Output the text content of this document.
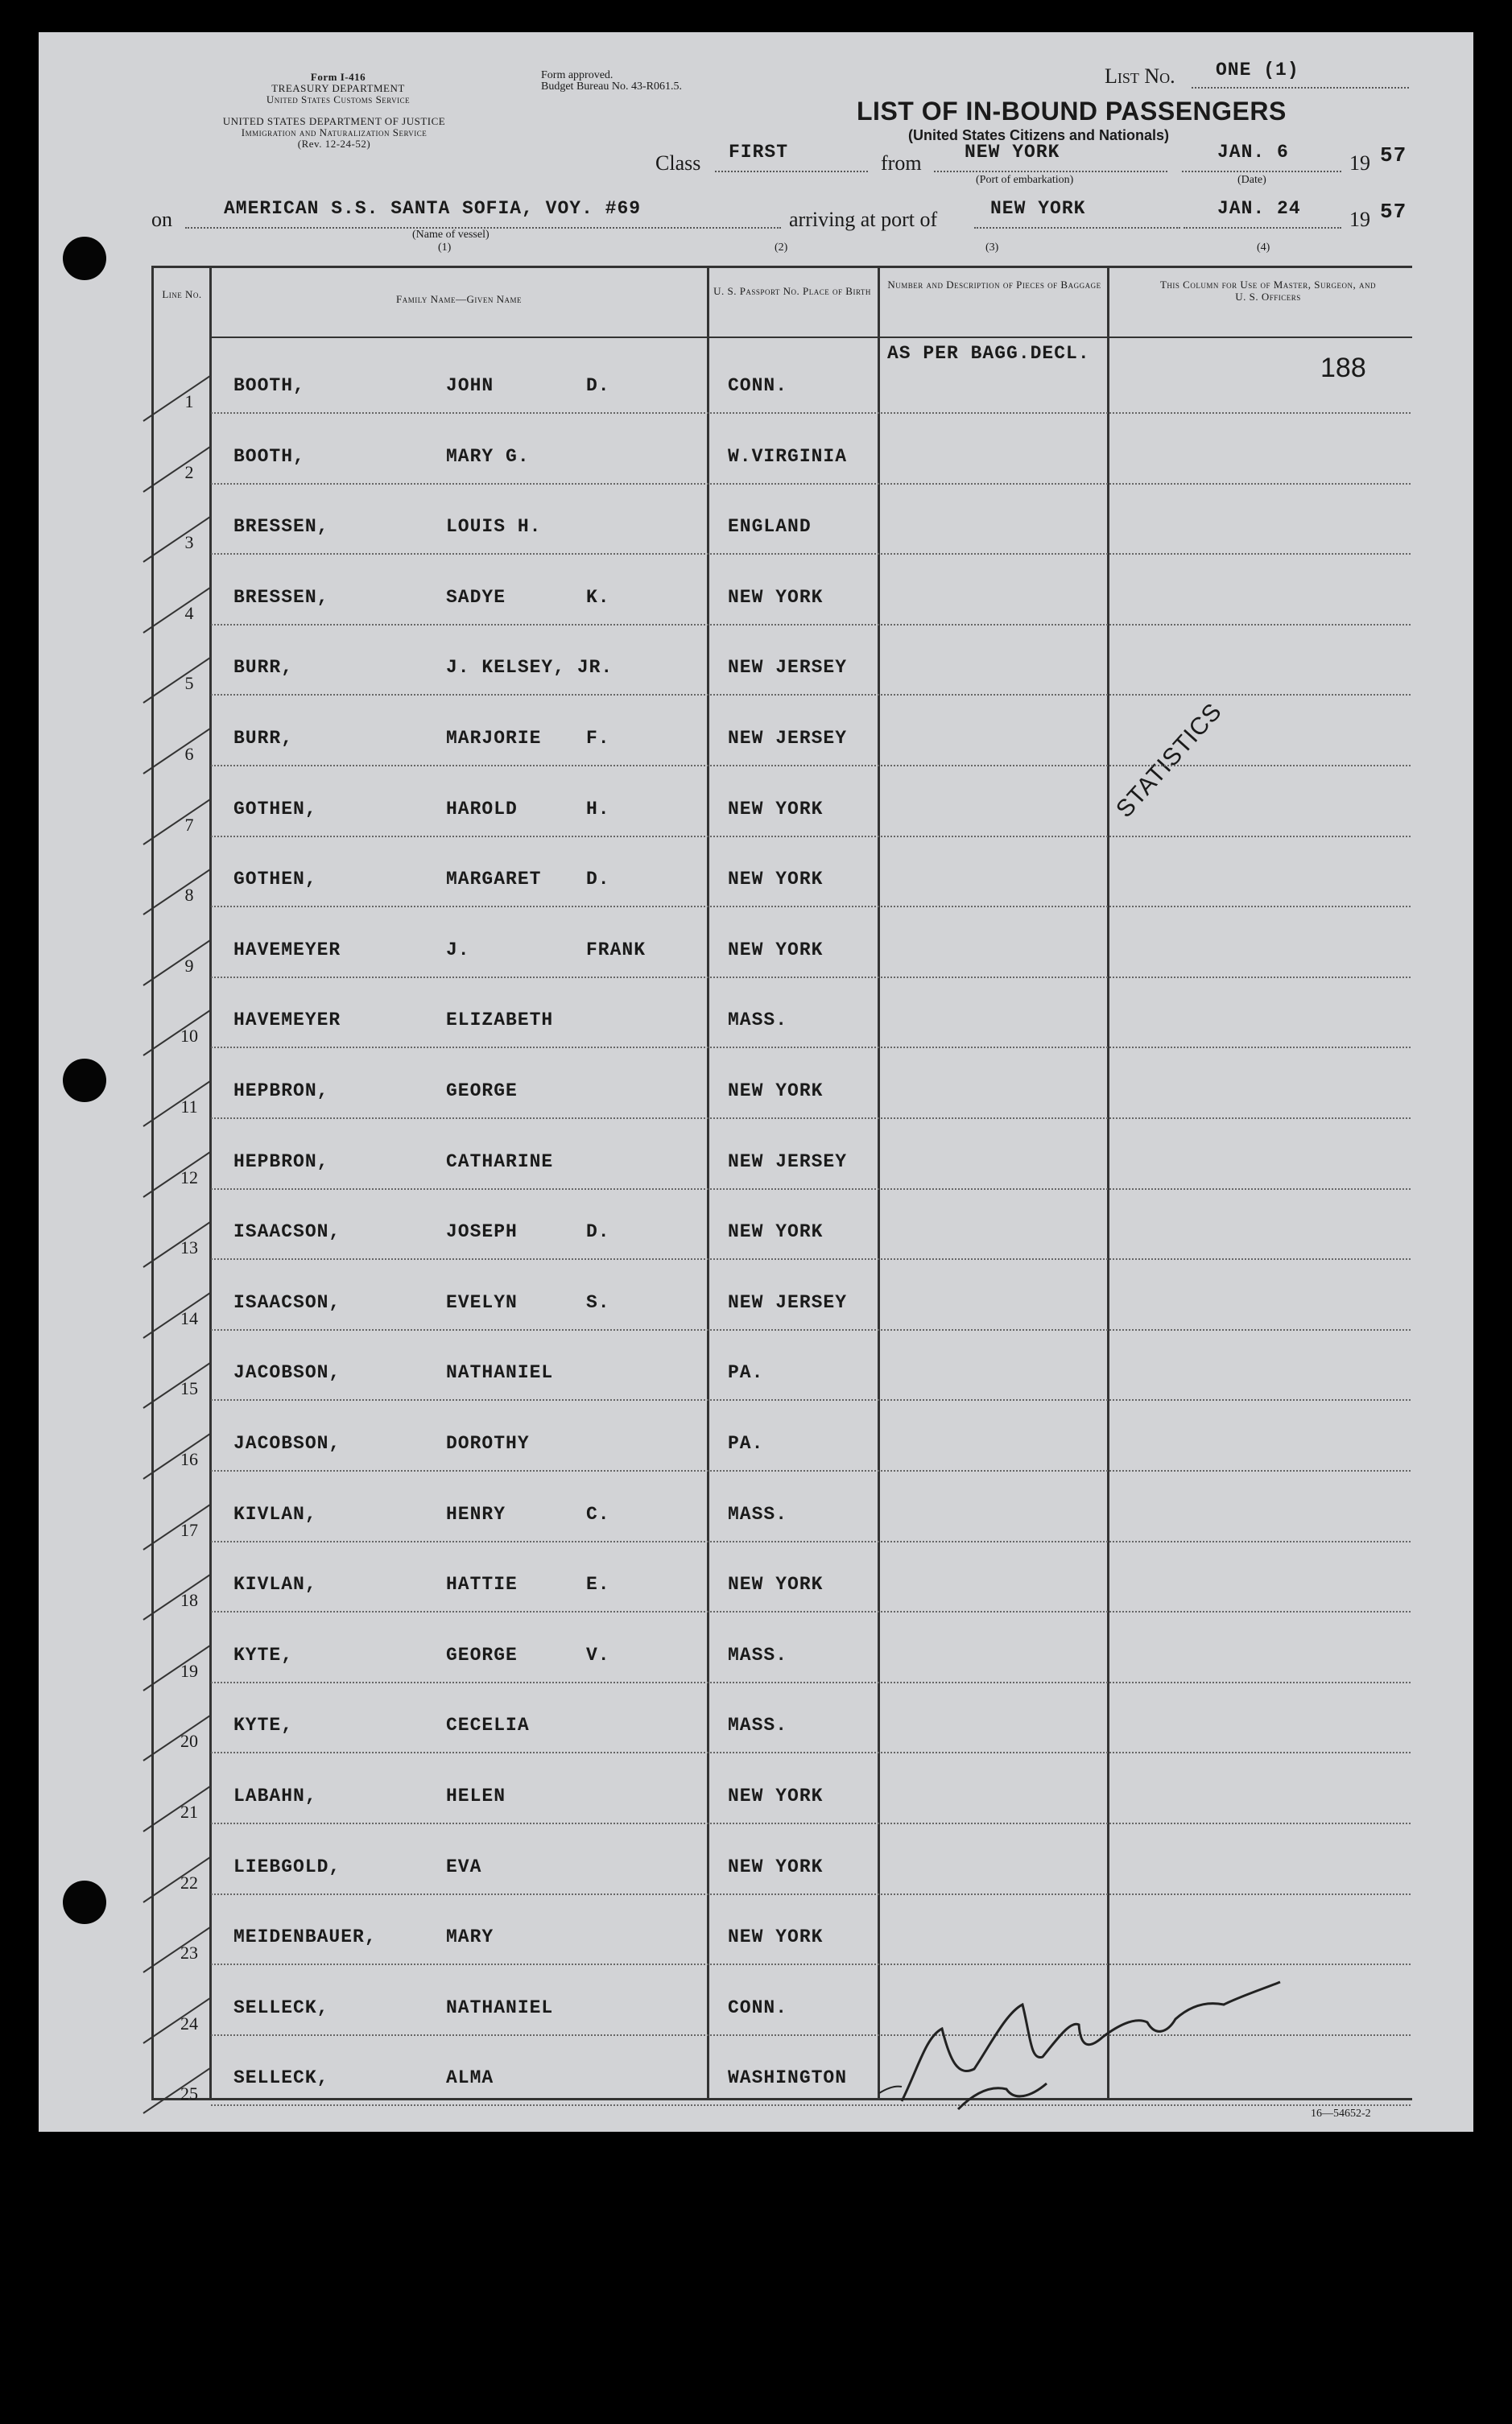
Form I-416
TREASURY DEPARTMENT
United States Customs Service
UNITED STATES DEPARTMENT OF JUSTICE
Immigration and Naturalization Service
(Rev. 12-24-52)
Form approved.
Budget Bureau No. 43-R061.5.	List No. ONE (1)
LIST OF IN-BOUND PASSENGERS
(United States Citizens and Nationals)
Class FIRST	from NEW YORK
(Port of embarkation)
JAN. 6
(Date)
19 57
on	AMERICAN S.S. SANTA SOFIA, VOY. #69
(Name of vessel)
(1)
arriving at port of
(2)
NEW YORK
(3)
JAN. 24
(4)
19 57
Line No.	Family Name—Given Name
U. S. Passport No. Place of Birth
Number and Description of Pieces of Baggage	This Column for Use of Master, Surgeon, and U. S. Officers
AS PER BAGG.DECL.	188
STATISTICS
1
BOOTH,	JOHN	D.	CONN.
2
BOOTH,	MARY G.	W.VIRGINIA
3
BRESSEN,	LOUIS H.	ENGLAND
4
BRESSEN,	SADYE	K.	NEW YORK
5
BURR,	J. KELSEY, JR.	NEW JERSEY
6
BURR,	MARJORIE F.	NEW JERSEY
7
GOTHEN,	HAROLD	H.	NEW YORK
8
GOTHEN,	MARGARET D.	NEW YORK
9
HAVEMEYER	J.	FRANK	NEW YORK
10
HAVEMEYER	ELIZABETH	MASS.
11
HEPBRON,	GEORGE	NEW YORK
12
HEPBRON,	CATHARINE	NEW JERSEY
13
ISAACSON,	JOSEPH	D.	NEW YORK
14
ISAACSON,	EVELYN	S.	NEW JERSEY
15
JACOBSON,	NATHANIEL	PA.
16
JACOBSON,	DOROTHY	PA.
17
KIVLAN,	HENRY	C.	MASS.
18
KIVLAN,	HATTIE	E.	NEW YORK
19
KYTE,	GEORGE	V.	MASS.
20
KYTE,	CECELIA	MASS.
21
LABAHN,	HELEN	NEW YORK
22
LIEBGOLD,	EVA	NEW YORK
23
MEIDENBAUER,	MARY	NEW YORK
24
SELLECK,	NATHANIEL	CONN.
25
SELLECK,	ALMA	WASHINGTON
16—54652-2
